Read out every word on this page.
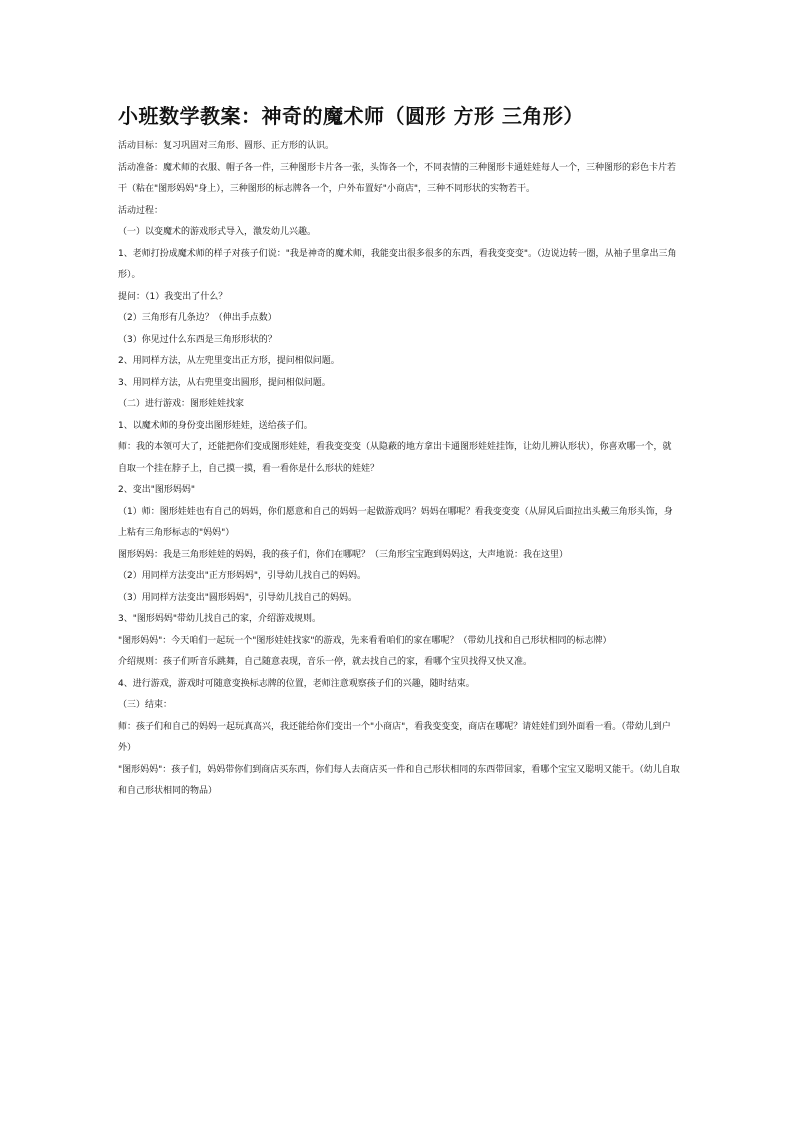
小班数学教案：神奇的魔术师（圆形 方形 三角形）

活动目标：复习巩固对三角形、圆形、正方形的认识。

活动准备：魔术师的衣服、帽子各一件，三种图形卡片各一张，头饰各一个，不同表情的三种图形卡通娃娃每人一个，三种图形的彩色卡片若干（粘在"图形妈妈"身上），三种图形的标志牌各一个，户外布置好"小商店"，三种不同形状的实物若干。

活动过程：

（一）以变魔术的游戏形式导入，激发幼儿兴趣。

1、老师打扮成魔术师的样子对孩子们说："我是神奇的魔术师，我能变出很多很多的东西，看我变变变"。（边说边转一圈，从袖子里拿出三角形）。

提问：（1）我变出了什么？

（2）三角形有几条边？（伸出手点数）

（3）你见过什么东西是三角形形状的？

2、用同样方法，从左兜里变出正方形，提问相似问题。

3、用同样方法，从右兜里变出圆形，提问相似问题。

（二）进行游戏：图形娃娃找家

1、以魔术师的身份变出图形娃娃，送给孩子们。

师：我的本领可大了，还能把你们变成图形娃娃，看我变变变（从隐蔽的地方拿出卡通图形娃娃挂饰，让幼儿辨认形状），你喜欢哪一个，就自取一个挂在脖子上，自己摸一摸，看一看你是什么形状的娃娃？

2、变出"图形妈妈"

（1）师：图形娃娃也有自己的妈妈，你们愿意和自己的妈妈一起做游戏吗？妈妈在哪呢？看我变变变（从屏风后面拉出头戴三角形头饰，身上粘有三角形标志的"妈妈"）

图形妈妈：我是三角形娃娃的妈妈，我的孩子们，你们在哪呢？（三角形宝宝跑到妈妈这，大声地说：我在这里）

（2）用同样方法变出"正方形妈妈"，引导幼儿找自己的妈妈。

（3）用同样方法变出"圆形妈妈"，引导幼儿找自己的妈妈。

3、"图形妈妈"带幼儿找自己的家，介绍游戏规则。

"图形妈妈"：今天咱们一起玩一个"图形娃娃找家"的游戏，先来看看咱们的家在哪呢？（带幼儿找和自己形状相同的标志牌）

介绍规则：孩子们听音乐跳舞，自己随意表现，音乐一停，就去找自己的家，看哪个宝贝找得又快又准。

4、进行游戏，游戏时可随意变换标志牌的位置，老师注意观察孩子们的兴趣，随时结束。

（三）结束：

师：孩子们和自己的妈妈一起玩真高兴，我还能给你们变出一个"小商店"，看我变变变，商店在哪呢？请娃娃们到外面看一看。（带幼儿到户外）

"图形妈妈"：孩子们，妈妈带你们到商店买东西，你们每人去商店买一件和自己形状相同的东西带回家，看哪个宝宝又聪明又能干。（幼儿自取和自己形状相同的物品）
